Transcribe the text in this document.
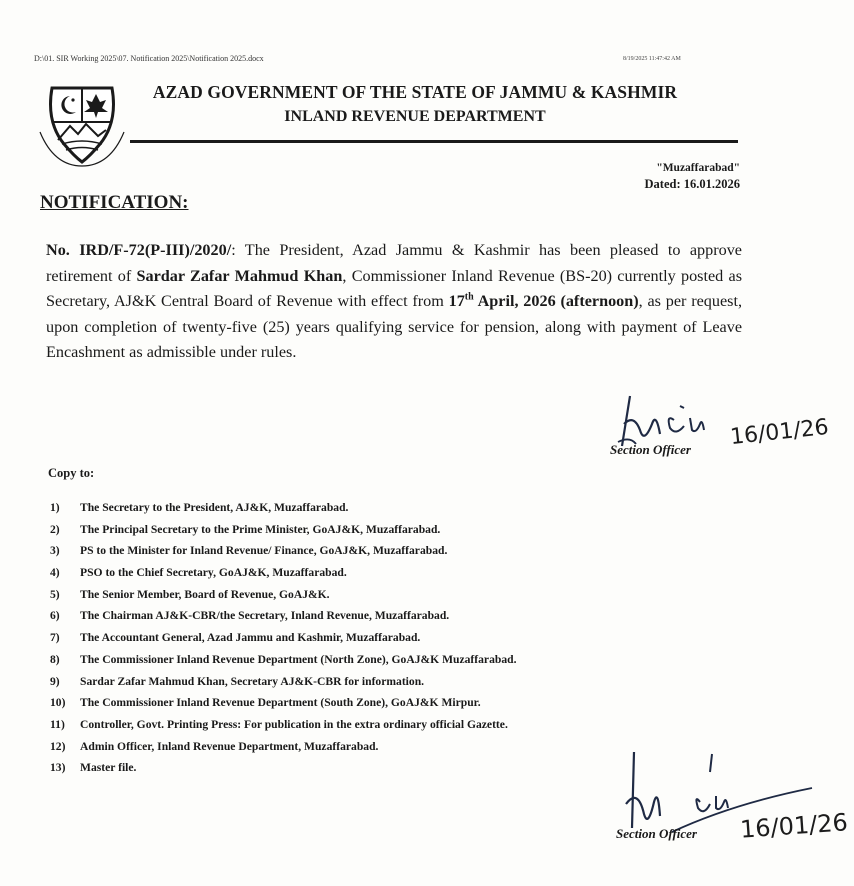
D:\01. SIR Working 2025\07. Notification 2025\Notification 2025.docx	8/19/2025 11:47:42 AM
AZAD GOVERNMENT OF THE STATE OF JAMMU & KASHMIR
INLAND REVENUE DEPARTMENT
"Muzaffarabad"
Dated: 16.01.2026
NOTIFICATION:
No. IRD/F-72(P-III)/2020/: The President, Azad Jammu & Kashmir has been pleased to approve retirement of Sardar Zafar Mahmud Khan, Commissioner Inland Revenue (BS-20) currently posted as Secretary, AJ&K Central Board of Revenue with effect from 17th April, 2026 (afternoon), as per request, upon completion of twenty-five (25) years qualifying service for pension, along with payment of Leave Encashment as admissible under rules.
Section Officer 16/01/26
Copy to:
1)	The Secretary to the President, AJ&K, Muzaffarabad.
2)	The Principal Secretary to the Prime Minister, GoAJ&K, Muzaffarabad.
3)	PS to the Minister for Inland Revenue/ Finance, GoAJ&K, Muzaffarabad.
4)	PSO to the Chief Secretary, GoAJ&K, Muzaffarabad.
5)	The Senior Member, Board of Revenue, GoAJ&K.
6)	The Chairman AJ&K-CBR/the Secretary, Inland Revenue, Muzaffarabad.
7)	The Accountant General, Azad Jammu and Kashmir, Muzaffarabad.
8)	The Commissioner Inland Revenue Department (North Zone), GoAJ&K Muzaffarabad.
9)	Sardar Zafar Mahmud Khan, Secretary AJ&K-CBR for information.
10)	The Commissioner Inland Revenue Department (South Zone), GoAJ&K Mirpur.
11)	Controller, Govt. Printing Press: For publication in the extra ordinary official Gazette.
12)	Admin Officer, Inland Revenue Department, Muzaffarabad.
13)	Master file.
Section Officer 16/01/26
